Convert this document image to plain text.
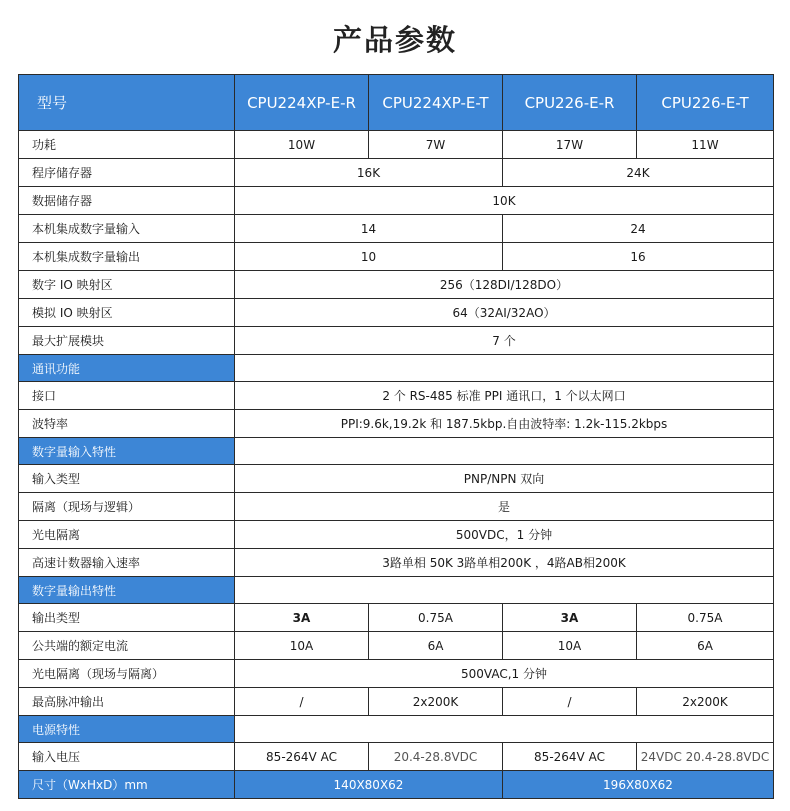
产品参数
型号	CPU224XP-E-R	CPU224XP-E-T	CPU226-E-R	CPU226-E-T
功耗	10W	7W	17W	11W
程序储存器	16K		24K	
数据储存器	10K			
本机集成数字量输入	14		24	
本机集成数字量输出	10		16	
数字 IO 映射区	256（128DI/128DO）			
模拟 IO 映射区	64（32AI/32AO）			
最大扩展模块	7 个			
通讯功能				
接口	2 个 RS-485 标准 PPI 通讯口，1 个以太网口			
波特率	PPI:9.6k,19.2k 和 187.5kbp.自由波特率: 1.2k-115.2kbps			
数字量输入特性				
输入类型	PNP/NPN 双向			
隔离（现场与逻辑）	是			
光电隔离	500VDC，1 分钟			
高速计数器输入速率	3路单相 50K 3路单相200K ，4路AB相200K			
数字量输出特性				
输出类型	3A	0.75A	3A	0.75A
公共端的额定电流	10A	6A	10A	6A
光电隔离（现场与隔离）	500VAC,1 分钟			
最高脉冲输出	/	2x200K	/	2x200K
电源特性				
输入电压	85-264V AC	20.4-28.8VDC	85-264V AC	24VDC 20.4-28.8VDC
尺寸（WxHxD）mm	140X80X62		196X80X62	
